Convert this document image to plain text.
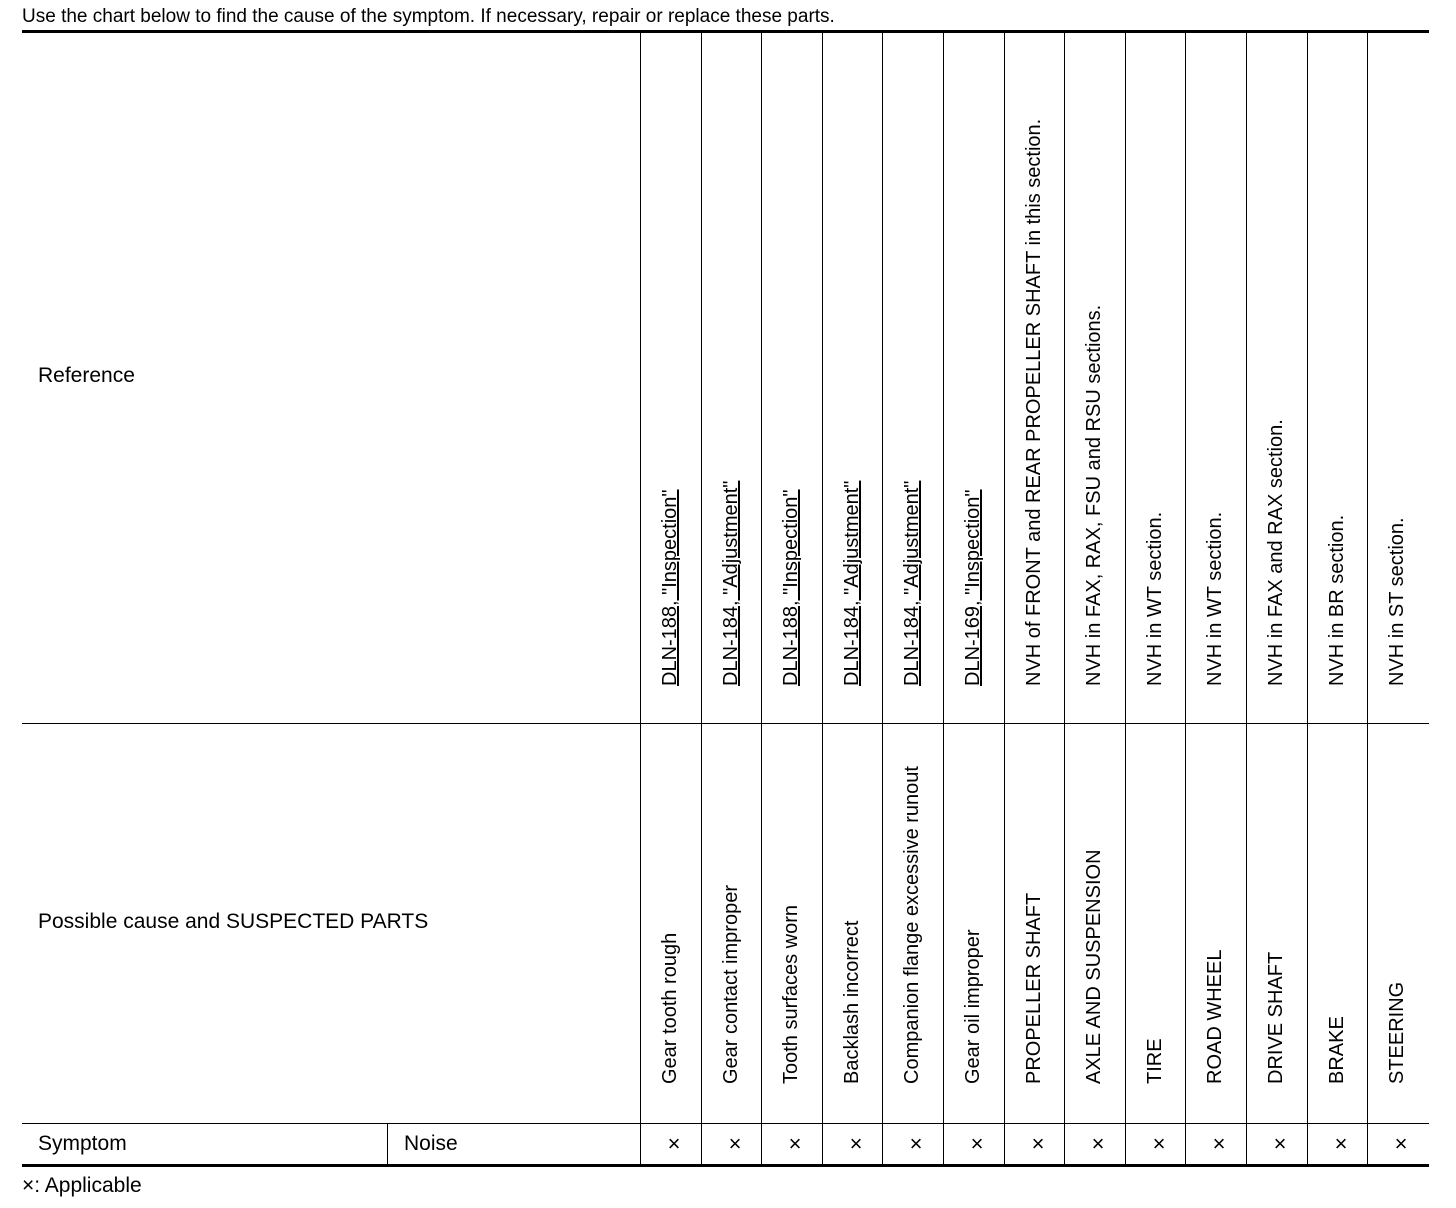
Use the chart below to find the cause of the symptom. If necessary, repair or replace these parts.
Reference
Possible cause and SUSPECTED PARTS
Symptom	Noise
DLN-188, "Inspection"
Gear tooth rough
×
DLN-184, "Adjustment"
Gear contact improper
×
DLN-188, "Inspection"
Tooth surfaces worn
×
DLN-184, "Adjustment"
Backlash incorrect
×
DLN-184, "Adjustment"
Companion flange excessive runout
×
DLN-169, "Inspection"
Gear oil improper
×
NVH of FRONT and REAR PROPELLER SHAFT in this section.
PROPELLER SHAFT
×
NVH in FAX, RAX, FSU and RSU sections.
AXLE AND SUSPENSION
×
NVH in WT section.
TIRE
×
NVH in WT section.
ROAD WHEEL
×
NVH in FAX and RAX section.
DRIVE SHAFT
×
NVH in BR section.
BRAKE
×
NVH in ST section.
STEERING
×
×: Applicable
